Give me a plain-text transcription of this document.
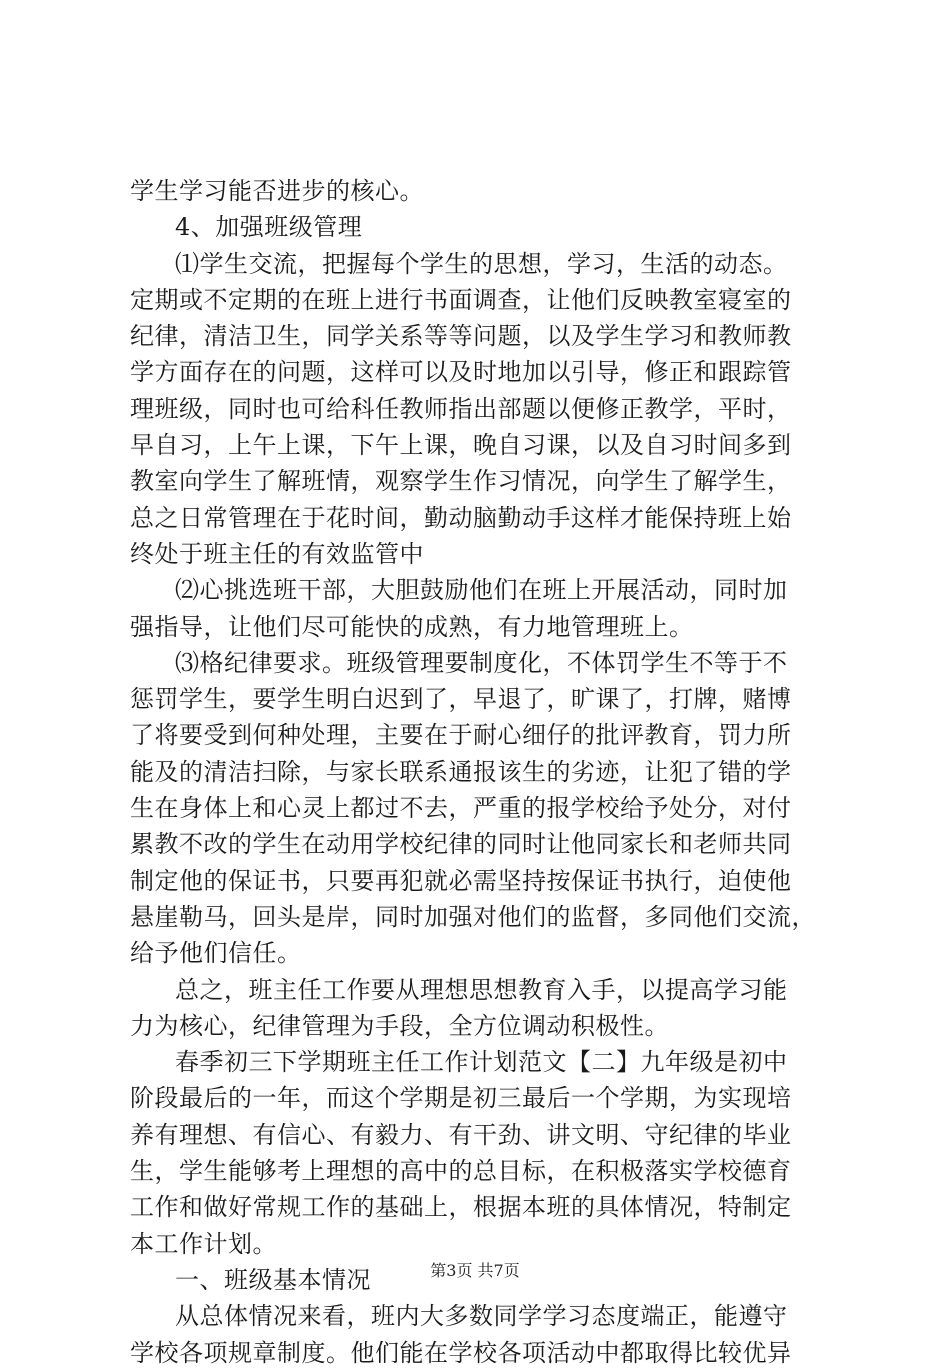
学生学习能否进步的核心。
4、加强班级管理
⑴学生交流，把握每个学生的思想，学习，生活的动态。
定期或不定期的在班上进行书面调查，让他们反映教室寝室的
纪律，清洁卫生，同学关系等等问题，以及学生学习和教师教
学方面存在的问题，这样可以及时地加以引导，修正和跟踪管
理班级，同时也可给科任教师指出部题以便修正教学，平时，
早自习，上午上课，下午上课，晚自习课，以及自习时间多到
教室向学生了解班情，观察学生作习情况，向学生了解学生，
总之日常管理在于花时间，勤动脑勤动手这样才能保持班上始
终处于班主任的有效监管中
⑵心挑选班干部，大胆鼓励他们在班上开展活动，同时加
强指导，让他们尽可能快的成熟，有力地管理班上。
⑶格纪律要求。班级管理要制度化，不体罚学生不等于不
惩罚学生，要学生明白迟到了，早退了，旷课了，打牌，赌博
了将要受到何种处理，主要在于耐心细仔的批评教育，罚力所
能及的清洁扫除，与家长联系通报该生的劣迹，让犯了错的学
生在身体上和心灵上都过不去，严重的报学校给予处分，对付
累教不改的学生在动用学校纪律的同时让他同家长和老师共同
制定他的保证书，只要再犯就必需坚持按保证书执行，迫使他
悬崖勒马，回头是岸，同时加强对他们的监督，多同他们交流，
给予他们信任。
总之，班主任工作要从理想思想教育入手，以提高学习能
力为核心，纪律管理为手段，全方位调动积极性。
春季初三下学期班主任工作计划范文【二】九年级是初中
阶段最后的一年，而这个学期是初三最后一个学期，为实现培
养有理想、有信心、有毅力、有干劲、讲文明、守纪律的毕业
生，学生能够考上理想的高中的总目标，在积极落实学校德育
工作和做好常规工作的基础上，根据本班的具体情况，特制定
本工作计划。
一、班级基本情况
从总体情况来看，班内大多数同学学习态度端正，能遵守
学校各项规章制度。他们能在学校各项活动中都取得比较优异
第3页 共7页
